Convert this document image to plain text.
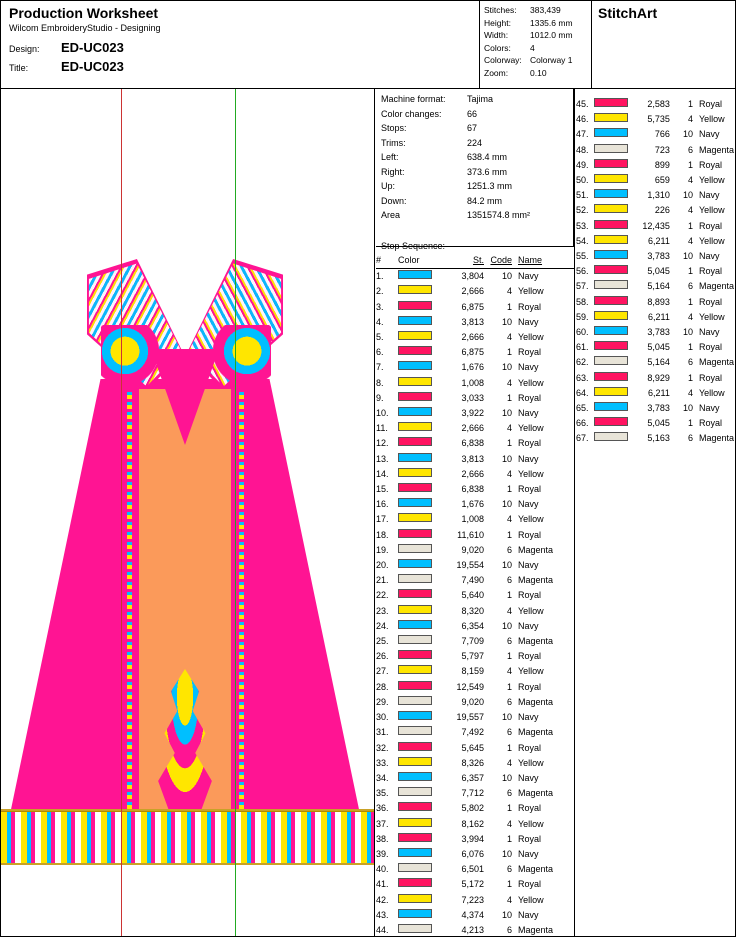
Production Worksheet
Wilcom EmbroideryStudio - Designing
Design:	ED-UC023
Title:	ED-UC023
Stitches:	383,439
Height:	1335.6 mm
Width:	1012.0 mm
Colors:	4
Colorway: Colorway 1
Zoom:	0.10
StitchArt
Machine format:	Tajima
Color changes:	66
Stops:	67
Trims:	224
Left:	638.4 mm
Right:	373.6 mm
Up:	1251.3 mm
Down:	84.2 mm
Area	1351574.8 mm²
Stop Sequence:
#	Color	St.	Code	Name
1.		3,804	10	Navy
2.		2,666	4	Yellow
3.		6,875	1	Royal
4.		3,813	10	Navy
5.		2,666	4	Yellow
6.		6,875	1	Royal
7.		1,676	10	Navy
8.		1,008	4	Yellow
9.		3,033	1	Royal
10.		3,922	10	Navy
11.		2,666	4	Yellow
12.		6,838	1	Royal
13.		3,813	10	Navy
14.		2,666	4	Yellow
15.		6,838	1	Royal
16.		1,676	10	Navy
17.		1,008	4	Yellow
18.		11,610	1	Royal
19.		9,020	6	Magenta
20.		19,554	10	Navy
21.		7,490	6	Magenta
22.		5,640	1	Royal
23.		8,320	4	Yellow
24.		6,354	10	Navy
25.		7,709	6	Magenta
26.		5,797	1	Royal
27.		8,159	4	Yellow
28.		12,549	1	Royal
29.		9,020	6	Magenta
30.		19,557	10	Navy
31.		7,492	6	Magenta
32.		5,645	1	Royal
33.		8,326	4	Yellow
34.		6,357	10	Navy
35.		7,712	6	Magenta
36.		5,802	1	Royal
37.		8,162	4	Yellow
38.		3,994	1	Royal
39.		6,076	10	Navy
40.		6,501	6	Magenta
41.		5,172	1	Royal
42.		7,223	4	Yellow
43.		4,374	10	Navy
44.		4,213	6	Magenta
45.		2,583	1	Royal
46.		5,735	4	Yellow
47.		766	10	Navy
48.		723	6	Magenta
49.		899	1	Royal
50.		659	4	Yellow
51.		1,310	10	Navy
52.		226	4	Yellow
53.		12,435	1	Royal
54.		6,211	4	Yellow
55.		3,783	10	Navy
56.		5,045	1	Royal
57.		5,164	6	Magenta
58.		8,893	1	Royal
59.		6,211	4	Yellow
60.		3,783	10	Navy
61.		5,045	1	Royal
62.		5,164	6	Magenta
63.		8,929	1	Royal
64.		6,211	4	Yellow
65.		3,783	10	Navy
66.		5,045	1	Royal
67.		5,163	6	Magenta
